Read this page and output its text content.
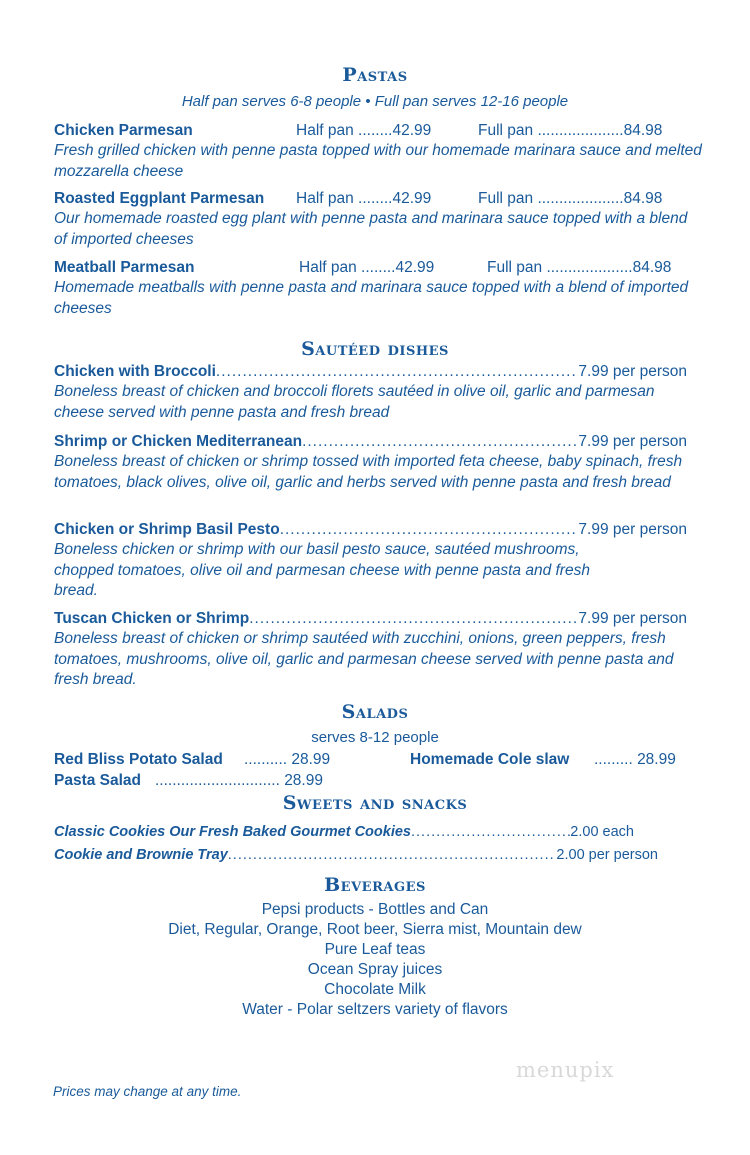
Pastas
Half pan serves 6-8 people • Full pan serves 12-16 people
Chicken Parmesan	Half pan ........42.99	Full pan ....................84.98
Fresh grilled chicken with penne pasta topped with our homemade marinara sauce and melted mozzarella cheese
Roasted Eggplant Parmesan Half pan ........42.99	Full pan ....................84.98
Our homemade roasted egg plant with penne pasta and marinara sauce topped with a blend of imported cheeses
Meatball Parmesan	Half pan ........42.99	Full pan ....................84.98
Homemade meatballs with penne pasta and marinara sauce topped with a blend of imported cheeses
Sautéed dishes
Chicken with Broccoli .....	7.99 per person
Boneless breast of chicken and broccoli florets sautéed in olive oil, garlic and parmesan cheese served with penne pasta and fresh bread
Shrimp or Chicken Mediterranean .....	7.99 per person
Boneless breast of chicken or shrimp tossed with imported feta cheese, baby spinach, fresh tomatoes, black olives, olive oil, garlic and herbs served with penne pasta and fresh bread
Chicken or Shrimp Basil Pesto .....	7.99 per person
Boneless chicken or shrimp with our basil pesto sauce, sautéed mushrooms, chopped tomatoes, olive oil and parmesan cheese with penne pasta and fresh bread.
Tuscan Chicken or Shrimp .....	7.99 per person
Boneless breast of chicken or shrimp sautéed with zucchini, onions, green peppers, fresh tomatoes, mushrooms, olive oil, garlic and parmesan cheese served with penne pasta and fresh bread.
Salads
serves 8-12 people
Red Bliss Potato Salad .......... 28.99	Homemade Cole slaw ......... 28.99
Pasta Salad ............................. 28.99
Sweets and snacks
Classic Cookies Our Fresh Baked Gourmet Cookies .....	2.00 each
Cookie and Brownie Tray .....	2.00 per person
Beverages
Pepsi products - Bottles and Can
Diet, Regular, Orange, Root beer, Sierra mist, Mountain dew
Pure Leaf teas
Ocean Spray juices
Chocolate Milk
Water - Polar seltzers variety of flavors
menupix
Prices may change at any time.
